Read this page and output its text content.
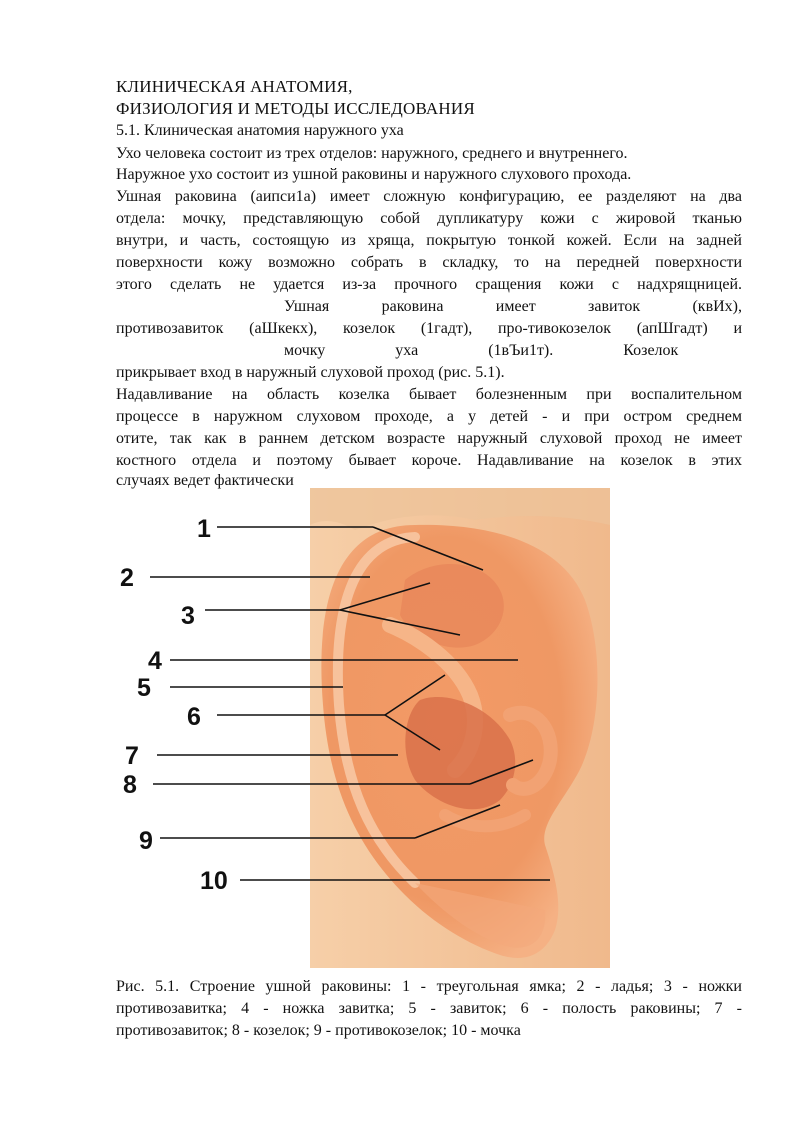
КЛИНИЧЕСКАЯ АНАТОМИЯ,
ФИЗИОЛОГИЯ И МЕТОДЫ ИССЛЕДОВАНИЯ
5.1. Клиническая анатомия наружного уха
Ухо человека состоит из трех отделов: наружного, среднего и внутреннего.
Наружное ухо состоит из ушной раковины и наружного слухового прохода.
Ушная раковина (аипси1а) имеет сложную конфигурацию, ее разделяют на два
отдела: мочку, представляющую собой дупликатуру кожи с жировой тканью
внутри, и часть, состоящую из хряща, покрытую тонкой кожей. Если на задней
поверхности кожу возможно собрать в складку, то на передней поверхности
этого сделать не удается из-за прочного сращения кожи с надхрящницей.
Ушная раковина имеет завиток (квИх),
противозавиток (аШкекх), козелок (1гадт), про-тивокозелок (апШгадт) и
мочку уха (1вЪи1т). Козелок
прикрывает вход в наружный слуховой проход (рис. 5.1).
Надавливание на область козелка бывает болезненным при воспалительном
процессе в наружном слуховом проходе, а у детей - и при остром среднем
отите, так как в раннем детском возрасте наружный слуховой проход не имеет
костного отдела и поэтому бывает короче. Надавливание на козелок в этих
случаях ведет фактически
1
2
3
4
5
6
7
8
9
10
Рис. 5.1. Строение ушной раковины: 1 - треугольная ямка; 2 - ладья; 3 - ножки
противозавитка; 4 - ножка завитка; 5 - завиток; 6 - полость раковины; 7 -
противозавиток; 8 - козелок; 9 - противокозелок; 10 - мочка
